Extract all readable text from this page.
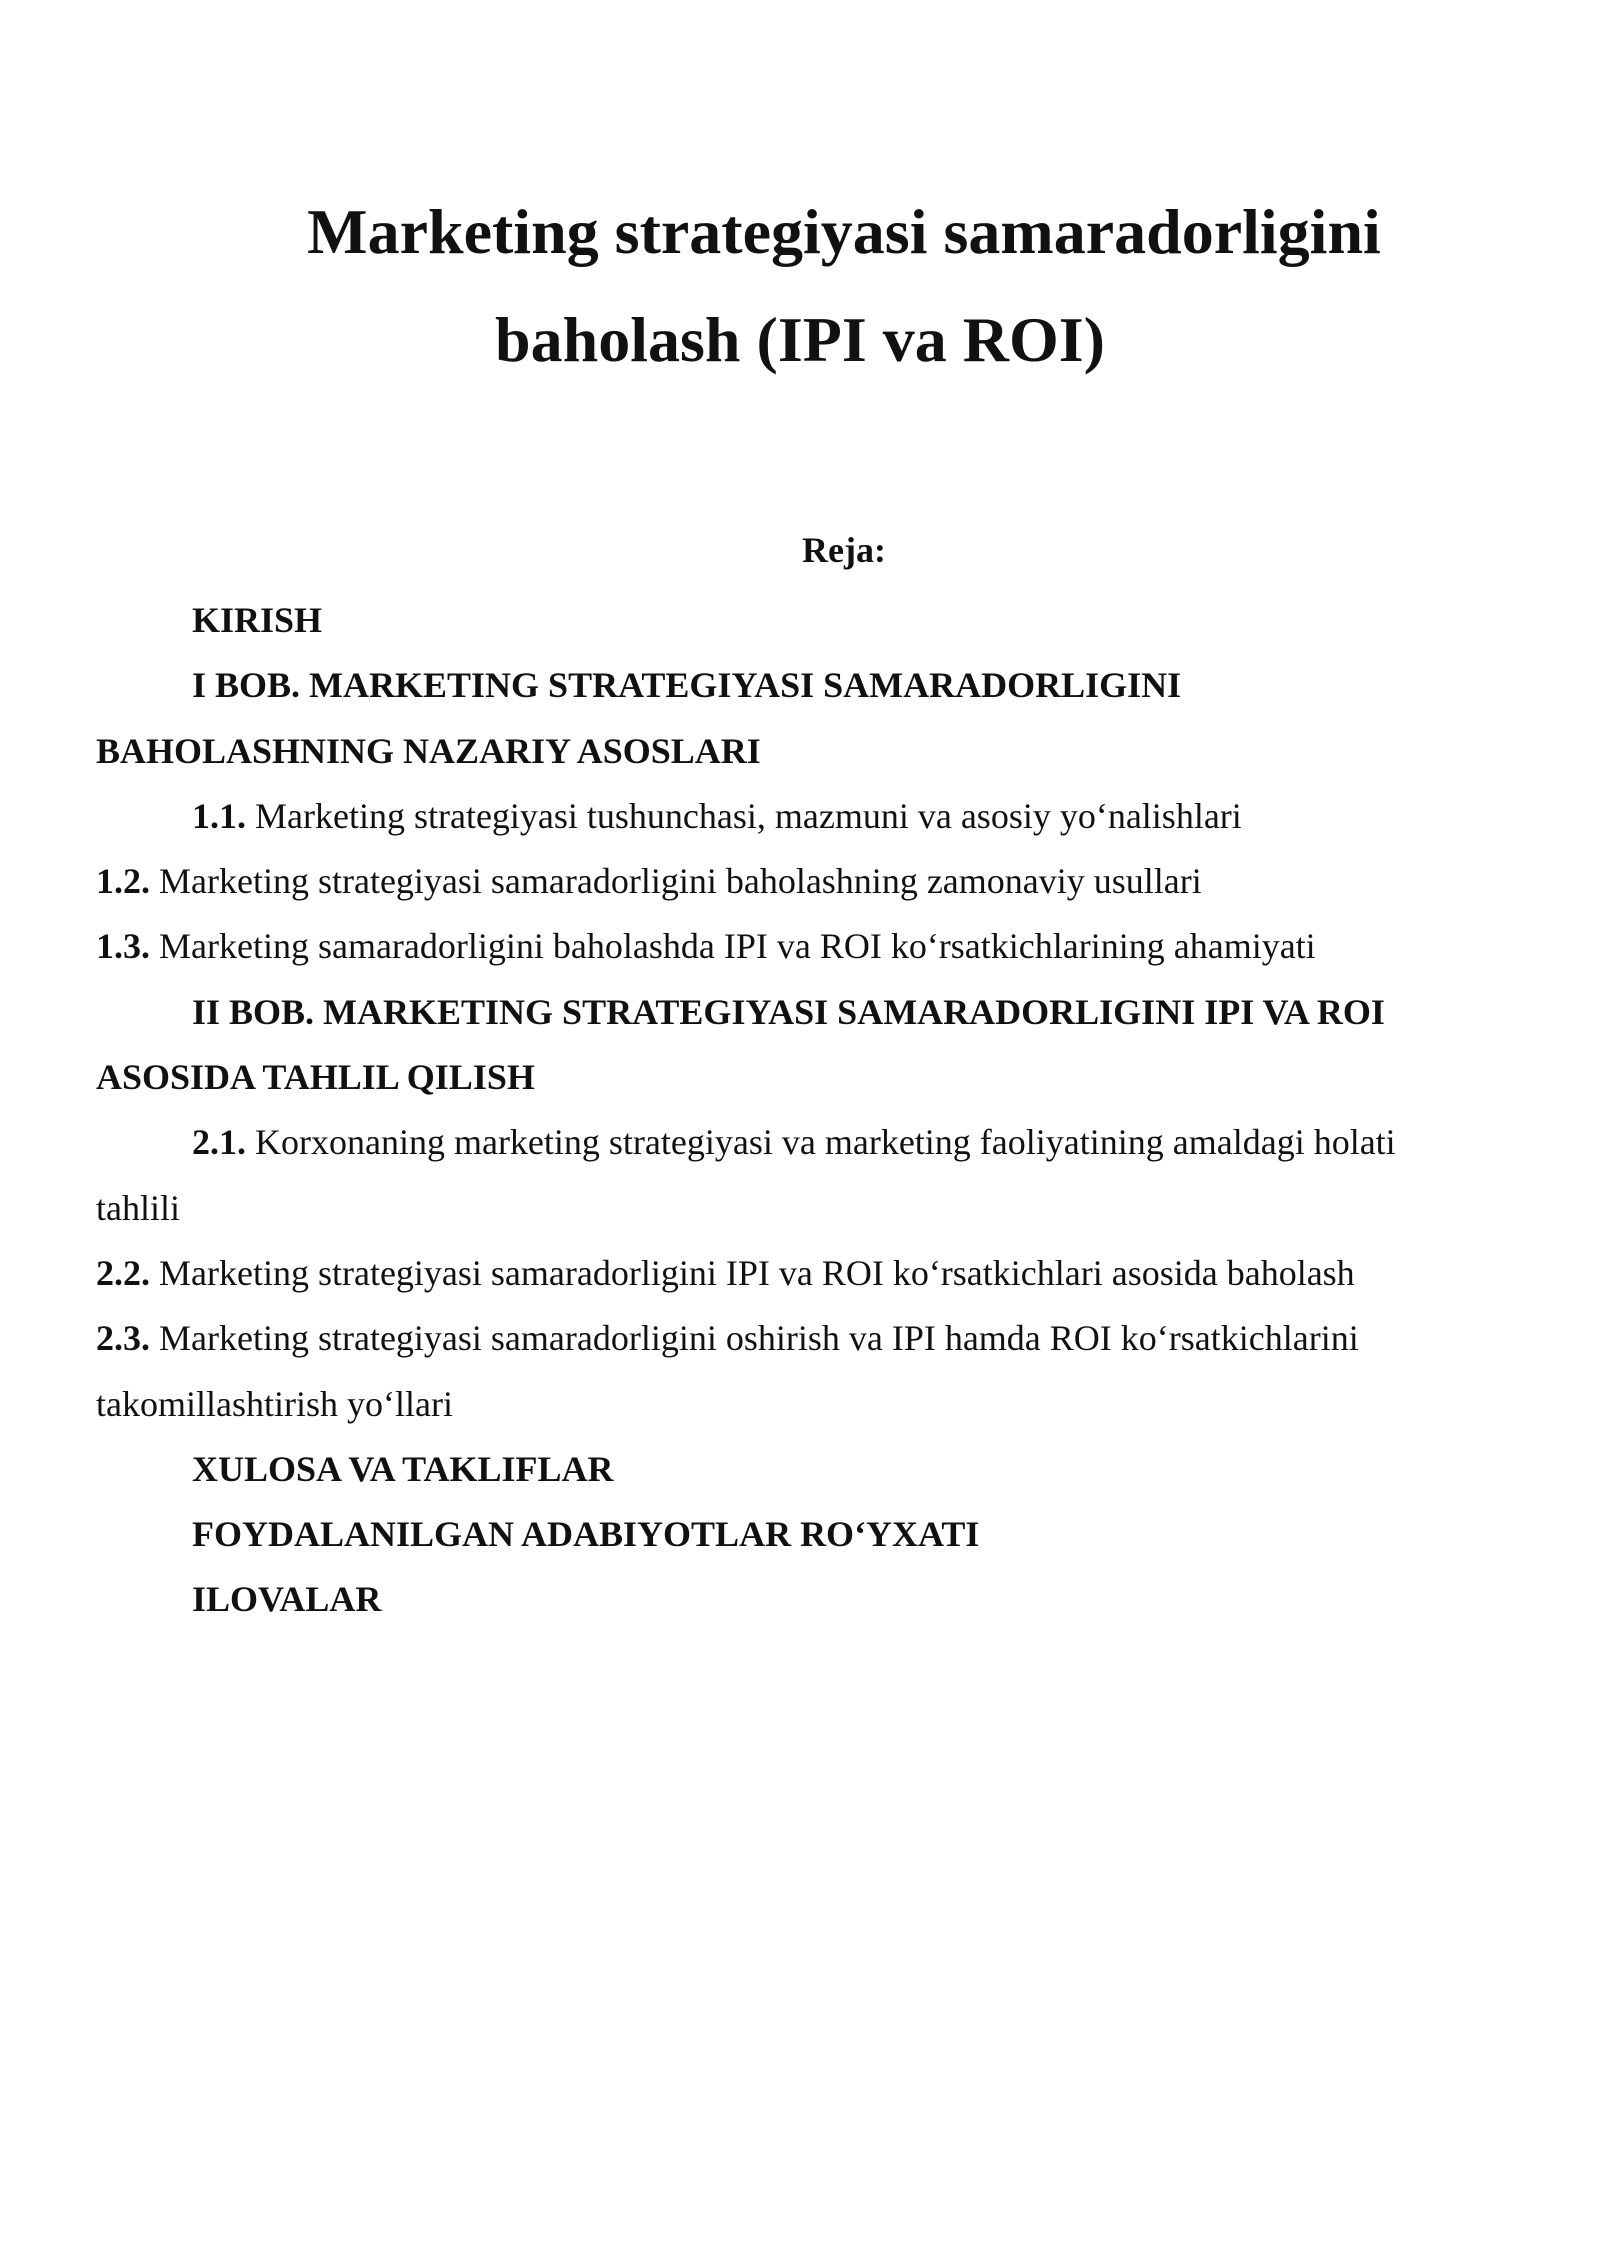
Marketing strategiyasi samaradorligini
baholash (IPI va ROI)
Reja:

KIRISH

I BOB. MARKETING STRATEGIYASI SAMARADORLIGINI

BAHOLASHNING NAZARIY ASOSLARI

1.1. Marketing strategiyasi tushunchasi, mazmuni va asosiy yo‘nalishlari

1.2. Marketing strategiyasi samaradorligini baholashning zamonaviy usullari

1.3. Marketing samaradorligini baholashda IPI va ROI ko‘rsatkichlarining ahamiyati

II BOB. MARKETING STRATEGIYASI SAMARADORLIGINI IPI VA ROI

ASOSIDA TAHLIL QILISH

2.1. Korxonaning marketing strategiyasi va marketing faoliyatining amaldagi holati

tahlili

2.2. Marketing strategiyasi samaradorligini IPI va ROI ko‘rsatkichlari asosida baholash

2.3. Marketing strategiyasi samaradorligini oshirish va IPI hamda ROI ko‘rsatkichlarini

takomillashtirish yo‘llari

XULOSA VA TAKLIFLAR

FOYDALANILGAN ADABIYOTLAR RO‘YXATI

ILOVALAR
